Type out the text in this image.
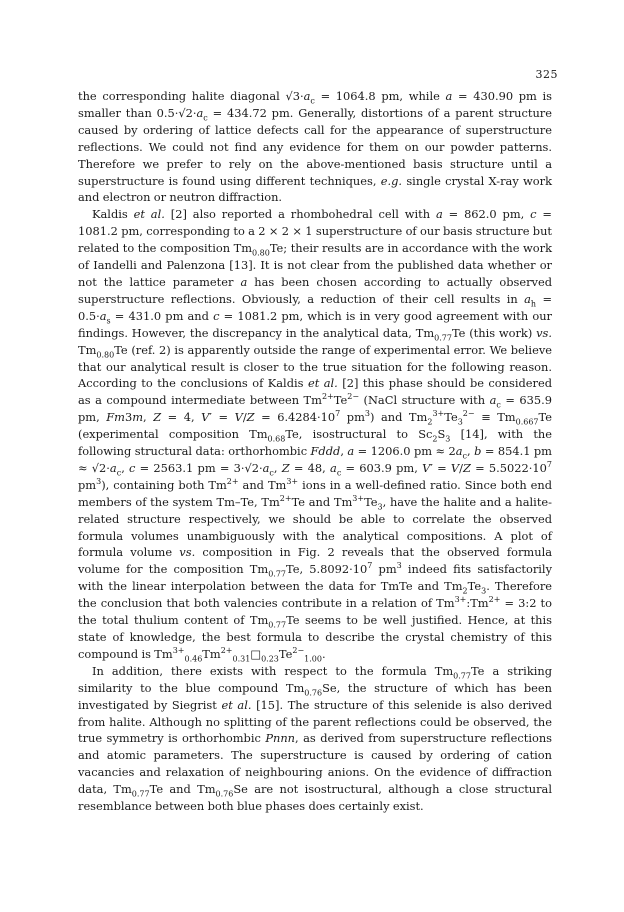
325

the corresponding halite diagonal $√3\cdot a_c = 1064.8$ pm, while a = 430.90 pm is smaller than $0.5\cdot√2\cdot a_c = 434.72$ pm. Generally, distortions of a parent structure caused by ordering of lattice defects call for the appearance of superstructure reflections. We could not find any evidence for them on our powder patterns. Therefore we prefer to rely on the above-mentioned basis structure until a superstructure is found using different techniques, e.g. single crystal X-ray work and electron or neutron diffraction.

Kaldis et al. [2] also reported a rhombohedral cell with a = 862.0 pm, c = 1081.2 pm, corresponding to a 2 × 2 × 1 superstructure of our basis structure but related to the composition $Tm_{0.80}Te$; their results are in accordance with the work of Iandelli and Palenzona [13]. It is not clear from the published data whether or not the lattice parameter a has been chosen according to actually observed superstructure reflections. Obviously, a reduction of their cell results in $a_h = 0.5\cdot a_s = 431.0$ pm and c = 1081.2 pm, which is in very good agreement with our findings. However, the discrepancy in the analytical data, $Tm_{0.77}Te$ (this work) vs. $Tm_{0.80}Te$ (ref. 2) is apparently outside the range of experimental error. We believe that our analytical result is closer to the true situation for the following reason. According to the conclusions of Kaldis et al. [2] this phase should be considered as a compound intermediate between $Tm^{2+}Te^{2-}$ (NaCl structure with $a_c = 635.9$ pm, Fm3m, Z = 4, $V' = V/Z = 6.4284\cdot 10^7$ $pm^3$) and $Tm_2^{3+}Te_3^{2-} \equiv Tm_{0.667}Te$ (experimental composition $Tm_{0.68}Te$, isostructural to $Sc_2S_3$ [14], with the following structural data: orthorhombic Fddd, a = 1206.0 pm ≈ $2a_c$, b = 854.1 pm ≈ $√2\cdot a_c$, c = 2563.1 pm = $3\cdot√2\cdot a_c$, Z = 48, $a_c = 603.9$ pm, $V' = V/Z = 5.5022\cdot 10^7$ $pm^3$), containing both $Tm^{2+}$ and $Tm^{3+}$ ions in a well-defined ratio. Since both end members of the system Tm–Te, $Tm^{2+}Te$ and $Tm^{3+}Te_3$, have the halite and a halite-related structure respectively, we should be able to correlate the observed formula volumes unambiguously with the analytical compositions. A plot of formula volume vs. composition in Fig. 2 reveals that the observed formula volume for the composition $Tm_{0.77}Te$, $5.8092\cdot 10^7$ $pm^3$ indeed fits satisfactorily with the linear interpolation between the data for TmTe and $Tm_2Te_3$. Therefore the conclusion that both valencies contribute in a relation of $Tm^{3+}:Tm^{2+}$ = 3:2 to the total thulium content of $Tm_{0.77}Te$ seems to be well justified. Hence, at this state of knowledge, the best formula to describe the crystal chemistry of this compound is $Tm^{3+}_{0.46}Tm^{2+}_{0.31}□_{0.23}Te^{2-}_{1.00}$.

In addition, there exists with respect to the formula $Tm_{0.77}Te$ a striking similarity to the blue compound $Tm_{0.76}Se$, the structure of which has been investigated by Siegrist et al. [15]. The structure of this selenide is also derived from halite. Although no splitting of the parent reflections could be observed, the true symmetry is orthorhombic Pnnn, as derived from superstructure reflections and atomic parameters. The superstructure is caused by ordering of cation vacancies and relaxation of neighbouring anions. On the evidence of diffraction data, $Tm_{0.77}Te$ and $Tm_{0.76}Se$ are not isostructural, although a close structural resemblance between both blue phases does certainly exist.
